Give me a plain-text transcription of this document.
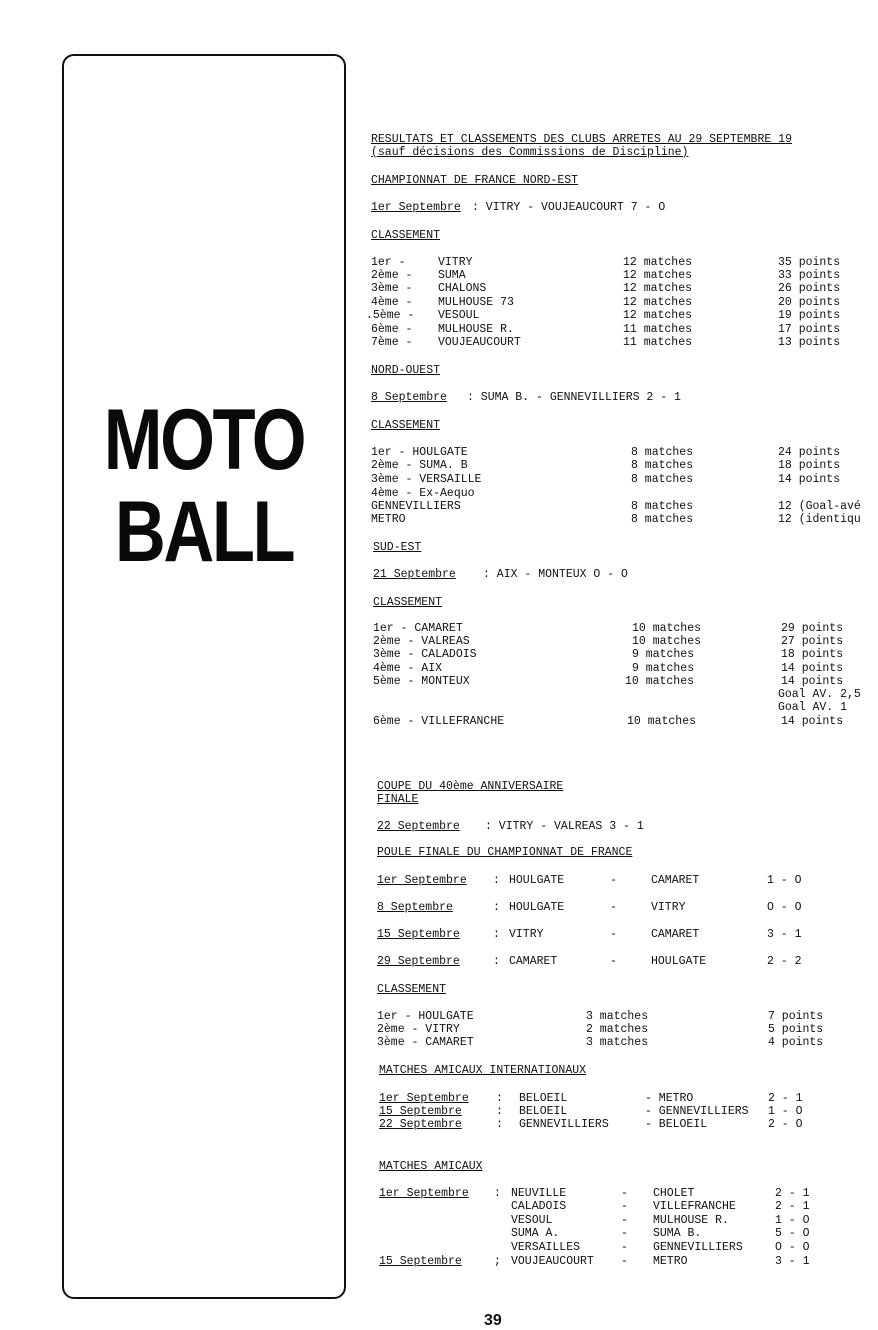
MOTO
BALL
RESULTATS ET CLASSEMENTS DES CLUBS ARRETES AU 29 SEPTEMBRE 19
(sauf décisions des Commissions de Discipline)
CHAMPIONNAT DE FRANCE NORD-EST
1er Septembre : VITRY - VOUJEAUCOURT 7 - O
CLASSEMENT
1er -	VITRY	12 matches	35 points
2ème - SUMA	12 matches	33 points
3ème - CHALONS	12 matches	26 points
4ème - MULHOUSE 73	12 matches	20 points
.5ème - VESOUL	12 matches	19 points
6ème - MULHOUSE R.	11 matches	17 points
7ème - VOUJEAUCOURT	11 matches	13 points
NORD-OUEST
8 Septembre : SUMA B. - GENNEVILLIERS 2 - 1
CLASSEMENT
1er - HOULGATE	8 matches	24 points
2ème - SUMA. B	8 matches	18 points
3ème - VERSAILLE	8 matches	14 points
4ème - Ex-Aequo
GENNEVILLIERS	8 matches	12 (Goal-avé
METRO	8 matches	12 (identiqu
SUD-EST
21 Septembre : AIX - MONTEUX O - O
CLASSEMENT
1er - CAMARET	10 matches	29 points
2ème - VALREAS	10 matches	27 points
3ème - CALADOIS	9 matches	18 points
4ème - AIX	9 matches	14 points
5ème - MONTEUX	10 matches	14 points
Goal AV. 2,5
Goal AV. 1
6ème - VILLEFRANCHE	10 matches	14 points
COUPE DU 40ème ANNIVERSAIRE
FINALE
22 Septembre : VITRY - VALREAS 3 - 1
POULE FINALE DU CHAMPIONNAT DE FRANCE
1er Septembre : HOULGATE	-	CAMARET	1 - O
8 Septembre	: HOULGATE	-	VITRY	O - O
15 Septembre	: VITRY	-	CAMARET	3 - 1
29 Septembre	: CAMARET	-	HOULGATE	2 - 2
CLASSEMENT
1er - HOULGATE	3 matches	7 points
2ème - VITRY	2 matches	5 points
3ème - CAMARET	3 matches	4 points
MATCHES AMICAUX INTERNATIONAUX
1er Septembre : BELOEIL	- METRO	2 - 1
15 Septembre	: BELOEIL	- GENNEVILLIERS 1 - O
22 Septembre	: GENNEVILLIERS	- BELOEIL	2 - O
MATCHES AMICAUX
1er Septembre : NEUVILLE	- CHOLET	2 - 1
CALADOIS	- VILLEFRANCHE	2 - 1
VESOUL	- MULHOUSE R.	1 - O
SUMA A.	- SUMA B.	5 - O
VERSAILLES	- GENNEVILLIERS	O - O
15 Septembre	; VOUJEAUCOURT - METRO	3 - 1
39
